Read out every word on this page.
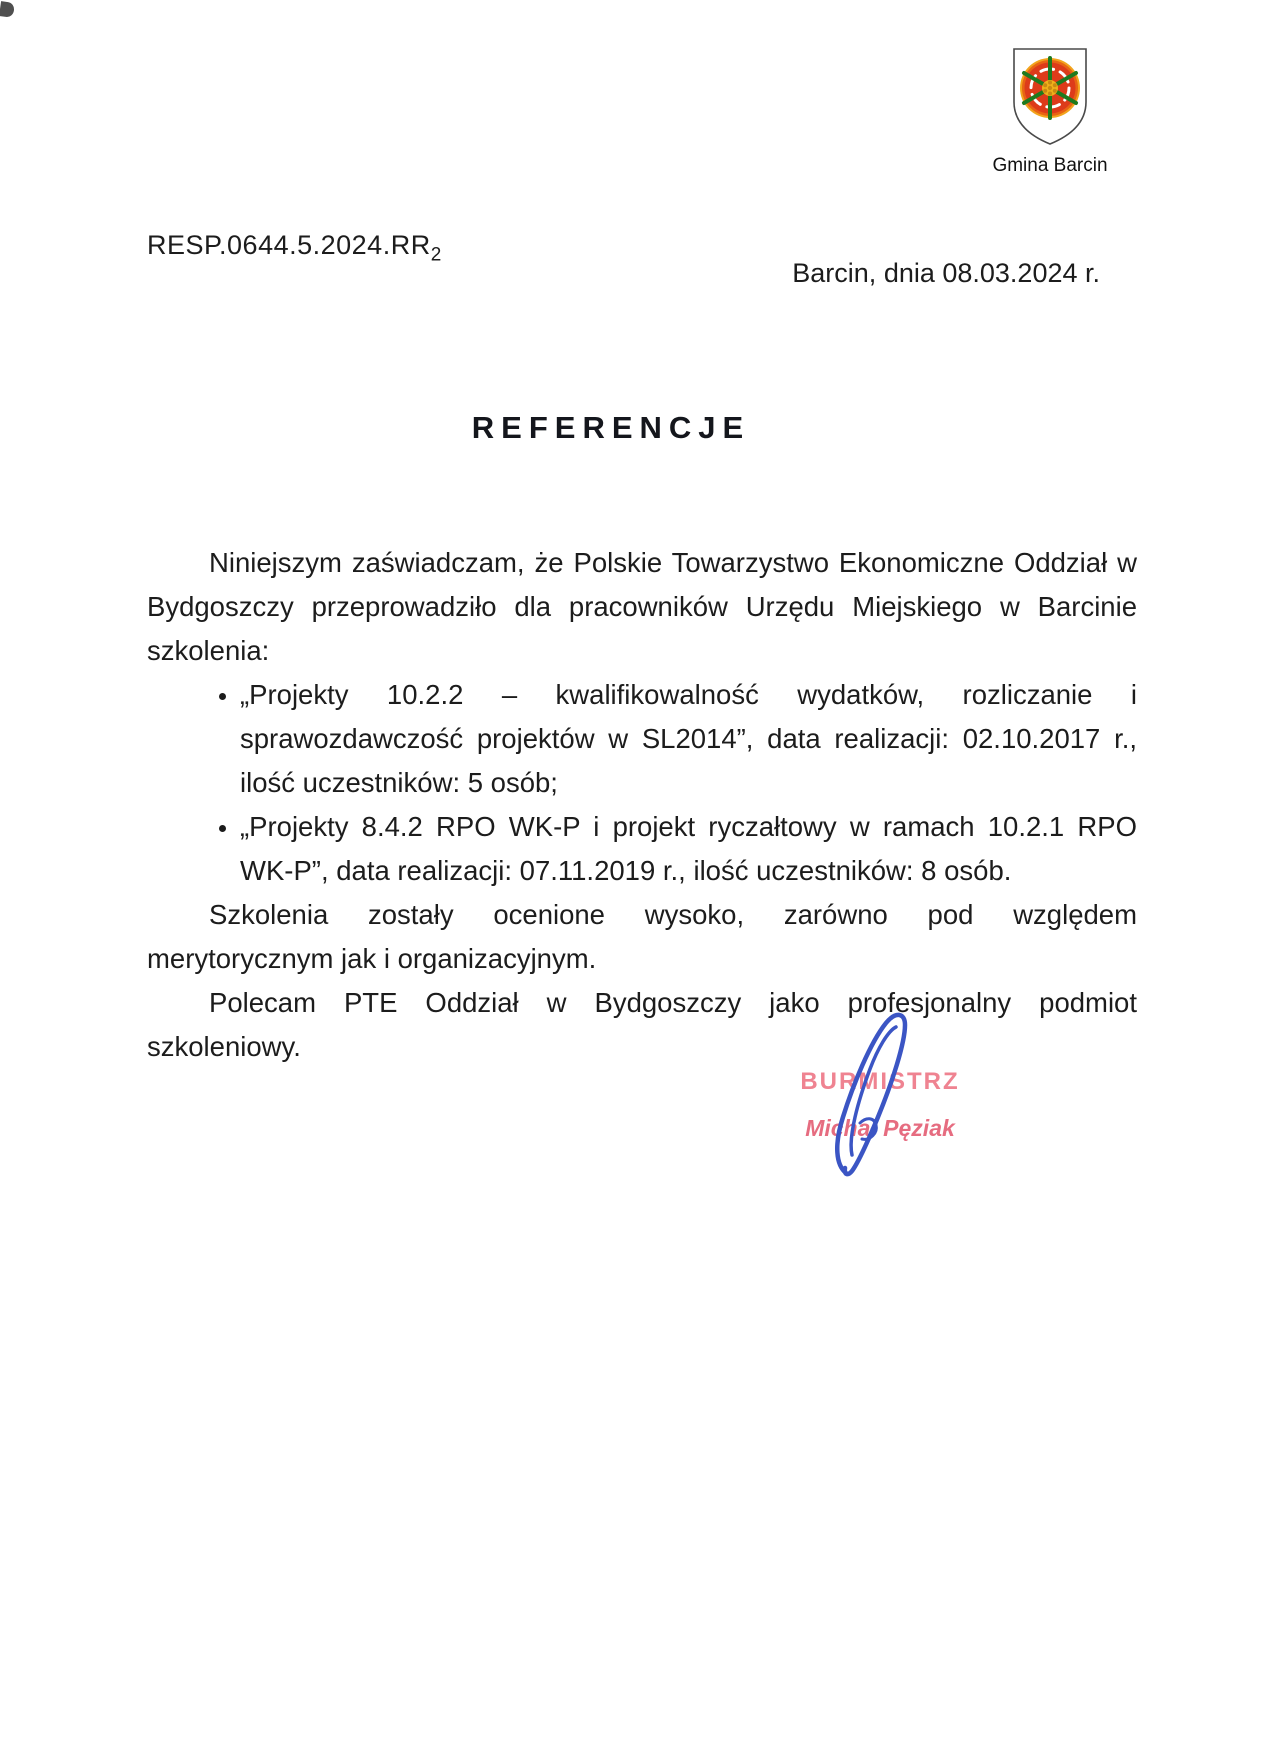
Gmina Barcin
$RESP.0644.5.2024.RR_2$
Barcin, dnia 08.03.2024 r.
REFERENCJE

Niniejszym zaświadczam, że Polskie Towarzystwo Ekonomiczne Oddział w Bydgoszczy przeprowadziło dla pracowników Urzędu Miejskiego w Barcinie szkolenia:

• „Projekty 10.2.2 – kwalifikowalność wydatków, rozliczanie i sprawozdawczość projektów w SL2014”, data realizacji: 02.10.2017 r., ilość uczestników: 5 osób;
• „Projekty 8.4.2 RPO WK-P i projekt ryczałtowy w ramach 10.2.1 RPO WK-P”, data realizacji: 07.11.2019 r., ilość uczestników: 8 osób.

Szkolenia zostały ocenione wysoko, zarówno pod względem merytorycznym jak i organizacyjnym.

Polecam PTE Oddział w Bydgoszczy jako profesjonalny podmiot szkoleniowy.

BURMISTRZ
Michał Pęziak
